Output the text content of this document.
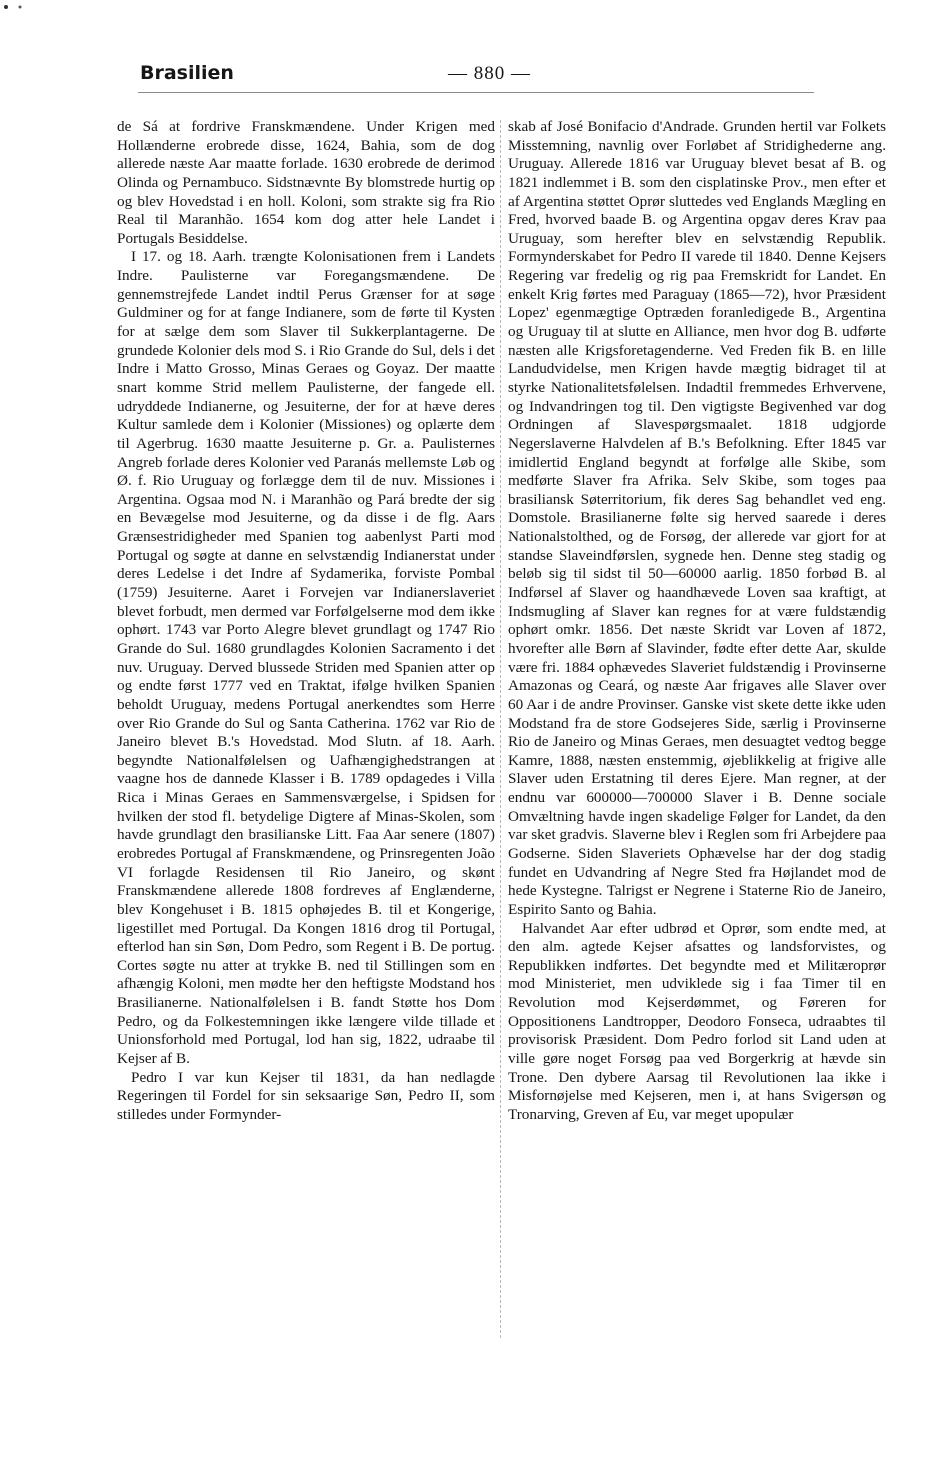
Brasilien	— 880 —

de Sá at fordrive Franskmændene. Under Krigen med Hollænderne erobrede disse, 1624, Bahia, som de dog allerede næste Aar maatte forlade. 1630 erobrede de derimod Olinda og Pernambuco. Sidstnævnte By blomstrede hurtig op og blev Hovedstad i en holl. Koloni, som strakte sig fra Rio Real til Maranhão. 1654 kom dog atter hele Landet i Portugals Besiddelse.

I 17. og 18. Aarh. trængte Kolonisationen frem i Landets Indre. Paulisterne var Foregangsmændene. De gennemstrejfede Landet indtil Perus Grænser for at søge Guldminer og for at fange Indianere, som de førte til Kysten for at sælge dem som Slaver til Sukkerplantagerne. De grundede Kolonier dels mod S. i Rio Grande do Sul, dels i det Indre i Matto Grosso, Minas Geraes og Goyaz. Der maatte snart komme Strid mellem Paulisterne, der fangede ell. udryddede Indianerne, og Jesuiterne, der for at hæve deres Kultur samlede dem i Kolonier (Missiones) og oplærte dem til Agerbrug. 1630 maatte Jesuiterne p. Gr. a. Paulisternes Angreb forlade deres Kolonier ved Paranás mellemste Løb og Ø. f. Rio Uruguay og forlægge dem til de nuv. Missiones i Argentina. Ogsaa mod N. i Maranhão og Pará bredte der sig en Bevægelse mod Jesuiterne, og da disse i de flg. Aars Grænsestridigheder med Spanien tog aabenlyst Parti mod Portugal og søgte at danne en selvstændig Indianerstat under deres Ledelse i det Indre af Sydamerika, forviste Pombal (1759) Jesuiterne. Aaret i Forvejen var Indianerslaveriet blevet forbudt, men dermed var Forfølgelserne mod dem ikke ophørt. 1743 var Porto Alegre blevet grundlagt og 1747 Rio Grande do Sul. 1680 grundlagdes Kolonien Sacramento i det nuv. Uruguay. Derved blussede Striden med Spanien atter op og endte først 1777 ved en Traktat, ifølge hvilken Spanien beholdt Uruguay, medens Portugal anerkendtes som Herre over Rio Grande do Sul og Santa Catherina. 1762 var Rio de Janeiro blevet B.'s Hovedstad. Mod Slutn. af 18. Aarh. begyndte Nationalfølelsen og Uafhængighedstrangen at vaagne hos de dannede Klasser i B. 1789 opdagedes i Villa Rica i Minas Geraes en Sammensværgelse, i Spidsen for hvilken der stod fl. betydelige Digtere af Minas-Skolen, som havde grundlagt den brasilianske Litt. Faa Aar senere (1807) erobredes Portugal af Franskmændene, og Prinsregenten João VI forlagde Residensen til Rio Janeiro, og skønt Franskmændene allerede 1808 fordreves af Englænderne, blev Kongehuset i B. 1815 ophøjedes B. til et Kongerige, ligestillet med Portugal. Da Kongen 1816 drog til Portugal, efterlod han sin Søn, Dom Pedro, som Regent i B. De portug. Cortes søgte nu atter at trykke B. ned til Stillingen som en afhængig Koloni, men mødte her den heftigste Modstand hos Brasilianerne. Nationalfølelsen i B. fandt Støtte hos Dom Pedro, og da Folkestemningen ikke længere vilde tillade et Unionsforhold med Portugal, lod han sig, 1822, udraabe til Kejser af B.

Pedro I var kun Kejser til 1831, da han nedlagde Regeringen til Fordel for sin seksaarige Søn, Pedro II, som stilledes under Formynder-

skab af José Bonifacio d'Andrade. Grunden hertil var Folkets Misstemning, navnlig over Forløbet af Stridighederne ang. Uruguay. Allerede 1816 var Uruguay blevet besat af B. og 1821 indlemmet i B. som den cisplatinske Prov., men efter et af Argentina støttet Oprør sluttedes ved Englands Mægling en Fred, hvorved baade B. og Argentina opgav deres Krav paa Uruguay, som herefter blev en selvstændig Republik. Formynderskabet for Pedro II varede til 1840. Denne Kejsers Regering var fredelig og rig paa Fremskridt for Landet. En enkelt Krig førtes med Paraguay (1865—72), hvor Præsident Lopez' egenmægtige Optræden foranledigede B., Argentina og Uruguay til at slutte en Alliance, men hvor dog B. udførte næsten alle Krigsforetagenderne. Ved Freden fik B. en lille Landudvidelse, men Krigen havde mægtig bidraget til at styrke Nationalitetsfølelsen. Indadtil fremmedes Erhvervene, og Indvandringen tog til. Den vigtigste Begivenhed var dog Ordningen af Slavespørgsmaalet. 1818 udgjorde Negerslaverne Halvdelen af B.'s Befolkning. Efter 1845 var imidlertid England begyndt at forfølge alle Skibe, som medførte Slaver fra Afrika. Selv Skibe, som toges paa brasiliansk Søterritorium, fik deres Sag behandlet ved eng. Domstole. Brasilianerne følte sig herved saarede i deres Nationalstolthed, og de Forsøg, der allerede var gjort for at standse Slaveindførslen, sygnede hen. Denne steg stadig og beløb sig til sidst til 50—60000 aarlig. 1850 forbød B. al Indførsel af Slaver og haandhævede Loven saa kraftigt, at Indsmugling af Slaver kan regnes for at være fuldstændig ophørt omkr. 1856. Det næste Skridt var Loven af 1872, hvorefter alle Børn af Slavinder, fødte efter dette Aar, skulde være fri. 1884 ophævedes Slaveriet fuldstændig i Provinserne Amazonas og Ceará, og næste Aar frigaves alle Slaver over 60 Aar i de andre Provinser. Ganske vist skete dette ikke uden Modstand fra de store Godsejeres Side, særlig i Provinserne Rio de Janeiro og Minas Geraes, men desuagtet vedtog begge Kamre, 1888, næsten enstemmig, øjeblikkelig at frigive alle Slaver uden Erstatning til deres Ejere. Man regner, at der endnu var 600000—700000 Slaver i B. Denne sociale Omvæltning havde ingen skadelige Følger for Landet, da den var sket gradvis. Slaverne blev i Reglen som fri Arbejdere paa Godserne. Siden Slaveriets Ophævelse har der dog stadig fundet en Udvandring af Negre Sted fra Højlandet mod de hede Kystegne. Talrigst er Negrene i Staterne Rio de Janeiro, Espirito Santo og Bahia.

Halvandet Aar efter udbrød et Oprør, som endte med, at den alm. agtede Kejser afsattes og landsforvistes, og Republikken indførtes. Det begyndte med et Militæroprør mod Ministeriet, men udviklede sig i faa Timer til en Revolution mod Kejserdømmet, og Føreren for Oppositionens Landtropper, Deodoro Fonseca, udraabtes til provisorisk Præsident. Dom Pedro forlod sit Land uden at ville gøre noget Forsøg paa ved Borgerkrig at hævde sin Trone. Den dybere Aarsag til Revolutionen laa ikke i Misfornøjelse med Kejseren, men i, at hans Svigersøn og Tronarving, Greven af Eu, var meget upopulær
